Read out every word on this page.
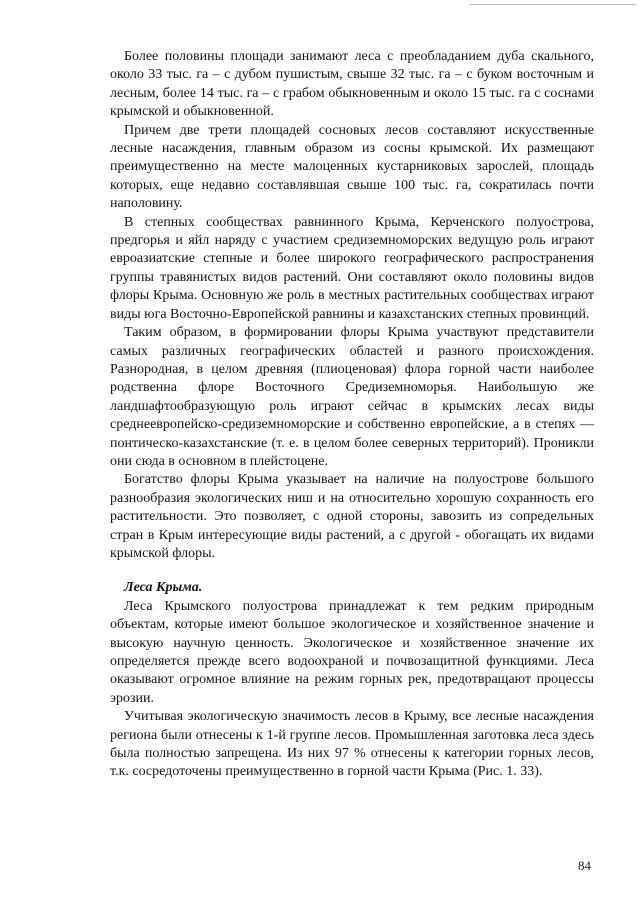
Более половины площади занимают леса с преобладанием дуба скального, около 33 тыс. га – с дубом пушистым, свыше 32 тыс. га – с буком восточным и лесным, более 14 тыс. га – с грабом обыкновенным и около 15 тыс. га с соснами крымской и обыкновенной.

Причем две трети площадей сосновых лесов составляют искусственные лесные насаждения, главным образом из сосны крымской. Их размещают преимущественно на месте малоценных кустарниковых зарослей, площадь которых, еще недавно составлявшая свыше 100 тыс. га, сократилась почти наполовину.

В степных сообществах равнинного Крыма, Керченского полуострова, предгорья и яйл наряду с участием средиземноморских ведущую роль играют евроазиатские степные и более широкого географического распространения группы травянистых видов растений. Они составляют около половины видов флоры Крыма. Основную же роль в местных растительных сообществах играют виды юга Восточно-Европейской равнины и казахстанских степных провинций.

Таким образом, в формировании флоры Крыма участвуют представители самых различных географических областей и разного происхождения. Разнородная, в целом древняя (плиоценовая) флора горной части наиболее родственна флоре Восточного Средиземноморья. Наибольшую же ландшафтообразующую роль играют сейчас в крымских лесах виды среднеевропейско-средиземноморские и собственно европейские, а в степях — понтическо-казахстанские (т. е. в целом более северных территорий). Проникли они сюда в основном в плейстоцене.

Богатство флоры Крыма указывает на наличие на полуострове большого разнообразия экологических ниш и на относительно хорошую сохранность его растительности. Это позволяет, с одной стороны, завозить из сопредельных стран в Крым интересующие виды растений, а с другой - обогащать их видами крымской флоры.

Леса Крыма.

Леса Крымского полуострова принадлежат к тем редким природным объектам, которые имеют большое экологическое и хозяйственное значение и высокую научную ценность. Экологическое и хозяйственное значение их определяется прежде всего водоохраной и почвозащитной функциями. Леса оказывают огромное влияние на режим горных рек, предотвращают процессы эрозии.

Учитывая экологическую значимость лесов в Крыму, все лесные насаждения региона были отнесены к 1-й группе лесов. Промышленная заготовка леса здесь была полностью запрещена. Из них 97 % отнесены к категории горных лесов, т.к. сосредоточены преимущественно в горной части Крыма (Рис. 1. 33).

84
